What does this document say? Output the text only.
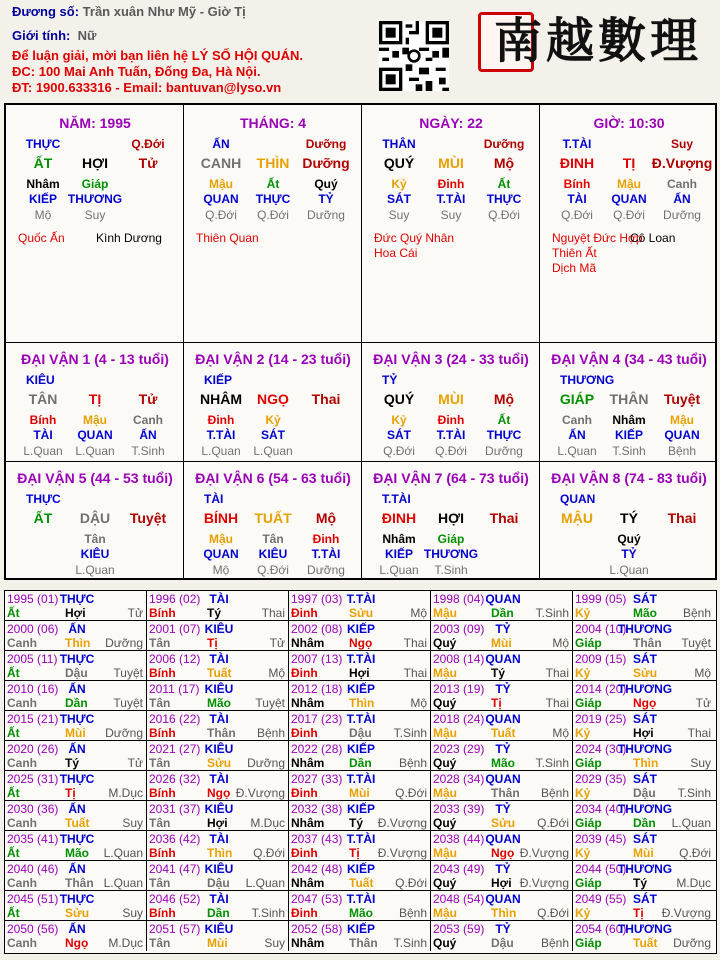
Đương số: Trần xuân Như Mỹ - Giờ Tị
Giới tính: Nữ
Để luận giải, mời bạn liên hệ LÝ SỐ HỘI QUÁN.
ĐC: 100 Mai Anh Tuấn, Đống Đa, Hà Nội.
ĐT: 1900.633316 - Email: bantuvan@lyso.vn
南越數理
NĂM: 1995
THỰC	Q.Đới
ẤT HỢI Tử
Nhâm Giáp
KIẾP THƯƠNG
Mộ	Suy
Quốc Ấn	Kình Dương
THÁNG: 4
ẤN	Dưỡng
CANH THÌN Dưỡng
Mậu	Ất	Quý
QUAN THỰC TỶ
Q.Đới Q.Đới Dưỡng
Thiên Quan
NGÀY: 22
THÂN	Dưỡng
QUÝ MÙI Mộ
Kỷ	Đinh	Ất
SÁT T.TÀI THỰC
Suy	Suy Q.Đới
Đức Quý Nhân
Hoa Cái
GIỜ: 10:30
T.TÀI	Suy
ĐINH TỊ Đ.Vượng
Bính Mậu Canh
TÀI QUAN ẤN
Q.Đới Q.Đới Dưỡng
Nguyệt Đức Hợp
Cô Loan
Thiên Ất
Dịch Mã
ĐẠI VẬN 1 (4 - 13 tuổi)
KIÊU
TÂN TỊ	Tử
Bính Mậu Canh
TÀI QUAN ẤN
L.Quan L.Quan T.Sinh
ĐẠI VẬN 2 (14 - 23 tuổi)
KIẾP
NHÂM NGỌ Thai
Đinh	Kỷ
T.TÀI SÁT
L.Quan L.Quan
ĐẠI VẬN 3 (24 - 33 tuổi)
TỶ
QUÝ MÙI Mộ
Kỷ	Đinh	Ất
SÁT T.TÀI THỰC
Q.Đới Q.Đới Dưỡng
ĐẠI VẬN 4 (34 - 43 tuổi)
THƯƠNG
GIÁP THÂN Tuyệt
Canh Nhâm Mậu
ẤN KIẾP QUAN
L.Quan T.Sinh Bệnh
ĐẠI VẬN 5 (44 - 53 tuổi)
THỰC
ẤT DẬU Tuyệt
Tân
KIÊU
L.Quan
ĐẠI VẬN 6 (54 - 63 tuổi)
TÀI
BÍNH TUẤT Mộ
Mậu Tân Đinh
QUAN KIÊU T.TÀI
Mộ Q.Đới Dưỡng
ĐẠI VẬN 7 (64 - 73 tuổi)
T.TÀI
ĐINH HỢI Thai
Nhâm Giáp
KIẾP THƯƠNG
L.Quan T.Sinh
ĐẠI VẬN 8 (74 - 83 tuổi)
QUAN
MẬU TÝ Thai
Quý
TỶ
L.Quan
1995 (01) THỰC
Ất	Hợi	Tử
1996 (02) TÀI
Bính	Tý	Thai
1997 (03) T.TÀI
Đinh	Sửu	Mộ
1998 (04) QUAN
Mậu	Dần T.Sinh
1999 (05) SÁT
Kỷ	Mão Bệnh
2000 (06) ẤN
Canh Thìn Dưỡng
2001 (07) KIÊU
Tân	Tị	Tử
2002 (08) KIẾP
Nhâm Ngọ	Thai
2003 (09) TỶ
Quý	Mùi	Mộ
2004 (10)
THƯƠNG
Giáp	Thân Tuyệt
2005 (11) THỰC
Ất	Dậu Tuyệt
2006 (12) TÀI
Bính	Tuất	Mộ
2007 (13) T.TÀI
Đinh	Hợi	Thai
2008 (14) QUAN
Mậu	Tý	Thai
2009 (15) SÁT
Kỷ	Sửu	Mộ
2010 (16) ẤN
Canh Dần Tuyệt
2011 (17) KIÊU
Tân	Mão Tuyệt
2012 (18) KIẾP
Nhâm Thìn	Mộ
2013 (19) TỶ
Quý	Tị	Thai
2014 (20)
THƯƠNG
Giáp	Ngọ	Tử
2015 (21) THỰC
Ất	Mùi Dưỡng
2016 (22) TÀI
Bính	Thân Bệnh
2017 (23) T.TÀI
Đinh	Dậu T.Sinh
2018 (24) QUAN
Mậu	Tuất	Mộ
2019 (25) SÁT
Kỷ	Hợi	Thai
2020 (26) ẤN
Canh Tý	Tử
2021 (27) KIÊU
Tân	Sửu Dưỡng
2022 (28) KIẾP
Nhâm Dần Bệnh
2023 (29) TỶ
Quý	Mão T.Sinh
2024 (30)
THƯƠNG
Giáp	Thìn	Suy
2025 (31) THỰC
Ất	Tị	M.Dục
2026 (32) TÀI
Bính	Ngọ Đ.Vượng
2027 (33) T.TÀI
Đinh	Mùi Q.Đới
2028 (34) QUAN
Mậu	Thân Bệnh
2029 (35) SÁT
Kỷ	Dậu T.Sinh
2030 (36) ẤN
Canh Tuất	Suy
2031 (37) KIÊU
Tân	Hợi M.Dục
2032 (38) KIẾP
Nhâm Tý Đ.Vượng
2033 (39) TỶ
Quý	Sửu Q.Đới
2034 (40)
THƯƠNG
Giáp	Dần L.Quan
2035 (41) THỰC
Ất	Mão L.Quan
2036 (42) TÀI
Bính	Thìn Q.Đới
2037 (43) T.TÀI
Đinh	Tị Đ.Vượng
2038 (44) QUAN
Mậu	Ngọ Đ.Vượng
2039 (45) SÁT
Kỷ	Mùi Q.Đới
2040 (46) ẤN
Canh Thân L.Quan
2041 (47) KIÊU
Tân	Dậu L.Quan
2042 (48) KIẾP
Nhâm Tuất Q.Đới
2043 (49) TỶ
Quý	Hợi Đ.Vượng
2044 (50)
THƯƠNG
Giáp	Tý M.Dục
2045 (51) THỰC
Ất	Sửu	Suy
2046 (52) TÀI
Bính	Dần T.Sinh
2047 (53) T.TÀI
Đinh	Mão Bệnh
2048 (54) QUAN
Mậu	Thìn Q.Đới
2049 (55) SÁT
Kỷ	Tị Đ.Vượng
2050 (56) ẤN
Canh Ngọ M.Dục
2051 (57) KIÊU
Tân	Mùi	Suy
2052 (58) KIẾP
Nhâm Thân T.Sinh
2053 (59) TỶ
Quý	Dậu Bệnh
2054 (60)
THƯƠNG
Giáp	Tuất Dưỡng
